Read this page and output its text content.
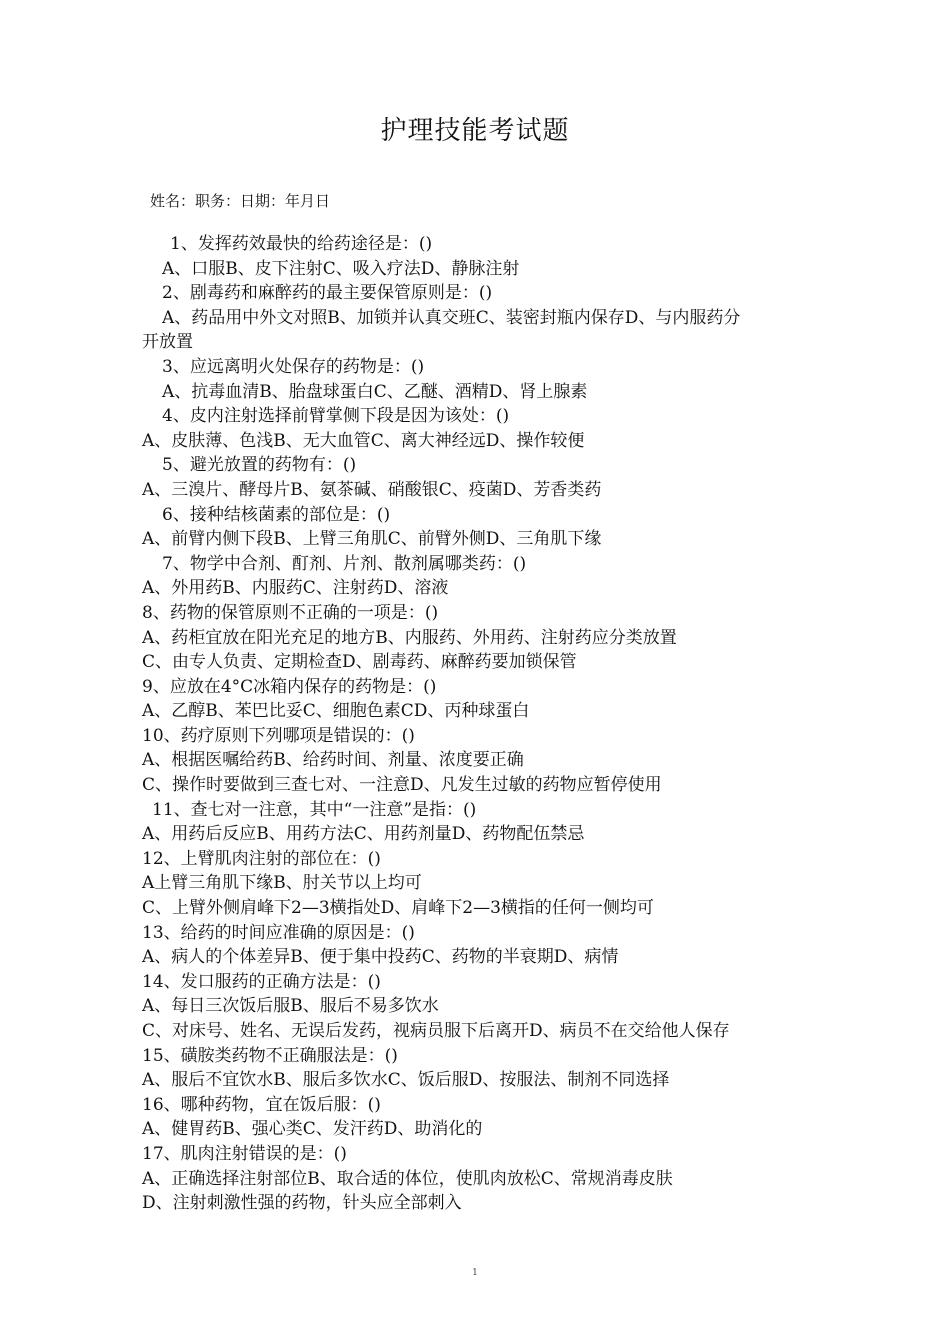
护理技能考试题
姓名：职务：日期：年月日
1、发挥药效最快的给药途径是：()
A、口服B、皮下注射C、吸入疗法D、静脉注射
2、剧毒药和麻醉药的最主要保管原则是：()
A、药品用中外文对照B、加锁并认真交班C、装密封瓶内保存D、与内服药分
开放置
3、应远离明火处保存的药物是：()
A、抗毒血清B、胎盘球蛋白C、乙醚、酒精D、肾上腺素
4、皮内注射选择前臂掌侧下段是因为该处：()
A、皮肤薄、色浅B、无大血管C、离大神经远D、操作较便
5、避光放置的药物有：()
A、三溴片、酵母片B、氨茶碱、硝酸银C、疫菌D、芳香类药
6、接种结核菌素的部位是：()
A、前臂内侧下段B、上臂三角肌C、前臂外侧D、三角肌下缘
7、物学中合剂、酊剂、片剂、散剂属哪类药：()
A、外用药B、内服药C、注射药D、溶液
8、药物的保管原则不正确的一项是：()
A、药柜宜放在阳光充足的地方B、内服药、外用药、注射药应分类放置
C、由专人负责、定期检查D、剧毒药、麻醉药要加锁保管
9、应放在4°C冰箱内保存的药物是：()
A、乙醇B、苯巴比妥C、细胞色素CD、丙种球蛋白
10、药疗原则下列哪项是错误的：()
A、根据医嘱给药B、给药时间、剂量、浓度要正确
C、操作时要做到三查七对、一注意D、凡发生过敏的药物应暂停使用
11、查七对一注意，其中“一注意”是指：()
A、用药后反应B、用药方法C、用药剂量D、药物配伍禁忌
12、上臂肌肉注射的部位在：()
A上臂三角肌下缘B、肘关节以上均可
C、上臂外侧肩峰下2—3横指处D、肩峰下2—3横指的任何一侧均可
13、给药的时间应准确的原因是：()
A、病人的个体差异B、便于集中投药C、药物的半衰期D、病情
14、发口服药的正确方法是：()
A、每日三次饭后服B、服后不易多饮水
C、对床号、姓名、无误后发药，视病员服下后离开D、病员不在交给他人保存
15、磺胺类药物不正确服法是：()
A、服后不宜饮水B、服后多饮水C、饭后服D、按服法、制剂不同选择
16、哪种药物，宜在饭后服：()
A、健胃药B、强心类C、发汗药D、助消化的
17、肌肉注射错误的是：()
A、正确选择注射部位B、取合适的体位，使肌肉放松C、常规消毒皮肤
D、注射刺激性强的药物，针头应全部刺入
1
